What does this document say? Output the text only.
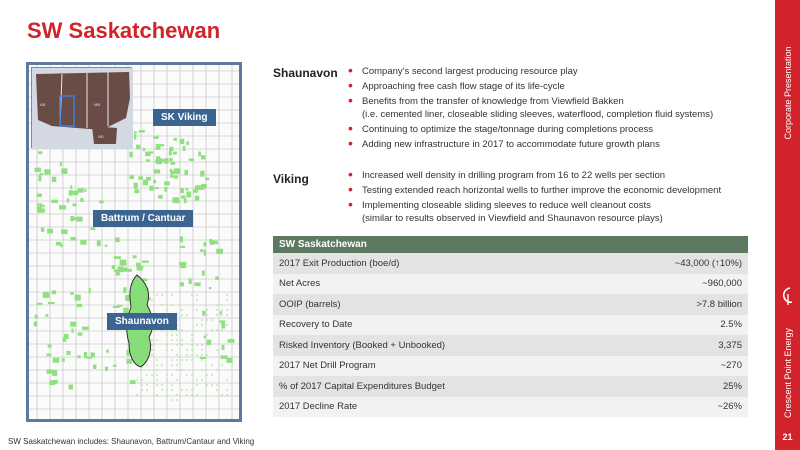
SW Saskatchewan
AB	MB
ND
SK Viking
Battrum / Cantuar
Shaunavon
Shaunavon	• Company's second largest producing resource play
• Approaching free cash flow stage of its life-cycle
• Benefits from the transfer of knowledge from Viewfield Bakken
(i.e. cemented liner, closeable sliding sleeves, waterflood, completion fluid systems)
• Continuing to optimize the stage/tonnage during completions process
• Adding new infrastructure in 2017 to accommodate future growth plans
Viking	• Increased well density in drilling program from 16 to 22 wells per section
• Testing extended reach horizontal wells to further improve the economic development
• Implementing closeable sliding sleeves to reduce well cleanout costs
(similar to results observed in Viewfield and Shaunavon resource plays)
SW Saskatchewan	
2017 Exit Production (boe/d)	~43,000 (↑10%)
Net Acres	~960,000
OOIP (barrels)	>7.8 billion
Recovery to Date	2.5%
Risked Inventory (Booked + Unbooked)	3,375
2017 Net Drill Program	~270
% of 2017 Capital Expenditures Budget	25%
2017 Decline Rate	~26%
SW Saskatchewan includes: Shaunavon, Battrum/Cantaur and Viking
Corporate Presentation
Crescent Point Energy
21
